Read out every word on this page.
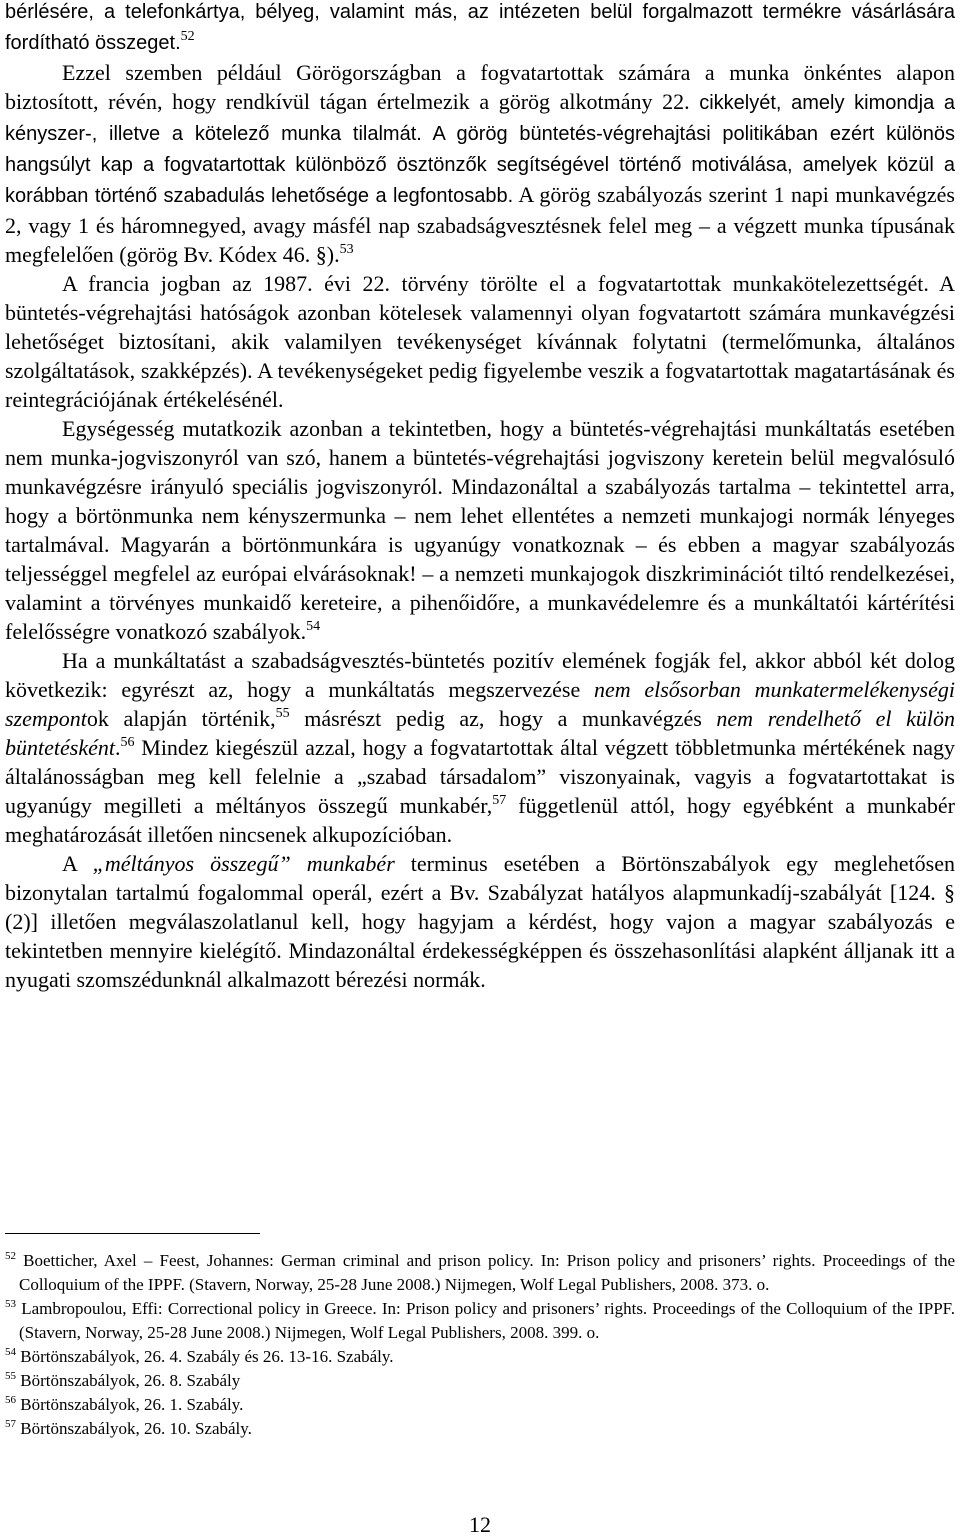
bérlésére, a telefonkártya, bélyeg, valamint más, az intézeten belül forgalmazott termékre vásárlására fordítható összeget.$^{52}$

Ezzel szemben például Görögországban a fogvatartottak számára a munka önkéntes alapon biztosított, révén, hogy rendkívül tágan értelmezik a görög alkotmány 22. cikkelyét, amely kimondja a kényszer-, illetve a kötelező munka tilalmát. A görög büntetés-végrehajtási politikában ezért különös hangsúlyt kap a fogvatartottak különböző ösztönzők segítségével történő motiválása, amelyek közül a korábban történő szabadulás lehetősége a legfontosabb. A görög szabályozás szerint 1 napi munkavégzés 2, vagy 1 és háromnegyed, avagy másfél nap szabadságvesztésnek felel meg – a végzett munka típusának megfelelően (görög Bv. Kódex 46. §).$^{53}$

A francia jogban az 1987. évi 22. törvény törölte el a fogvatartottak munkakötelezettségét. A büntetés-végrehajtási hatóságok azonban kötelesek valamennyi olyan fogvatartott számára munkavégzési lehetőséget biztosítani, akik valamilyen tevékenységet kívánnak folytatni (termelőmunka, általános szolgáltatások, szakképzés). A tevékenységeket pedig figyelembe veszik a fogvatartottak magatartásának és reintegrációjának értékelésénél.

Egységesség mutatkozik azonban a tekintetben, hogy a büntetés-végrehajtási munkáltatás esetében nem munka-jogviszonyról van szó, hanem a büntetés-végrehajtási jogviszony keretein belül megvalósuló munkavégzésre irányuló speciális jogviszonyról. Mindazonáltal a szabályozás tartalma – tekintettel arra, hogy a börtönmunka nem kényszermunka – nem lehet ellentétes a nemzeti munkajogi normák lényeges tartalmával. Magyarán a börtönmunkára is ugyanúgy vonatkoznak – és ebben a magyar szabályozás teljességgel megfelel az európai elvárásoknak! – a nemzeti munkajogok diszkriminációt tiltó rendelkezései, valamint a törvényes munkaidő kereteire, a pihenőidőre, a munkavédelemre és a munkáltatói kártérítési felelősségre vonatkozó szabályok.$^{54}$

Ha a munkáltatást a szabadságvesztés-büntetés pozitív elemének fogják fel, akkor abból két dolog következik: egyrészt az, hogy a munkáltatás megszervezése nem elsősorban munkatermelékenységi szempontok alapján történik,$^{55}$ másrészt pedig az, hogy a munkavégzés nem rendelhető el külön büntetésként.$^{56}$ Mindez kiegészül azzal, hogy a fogvatartottak által végzett többletmunka mértékének nagy általánosságban meg kell felelnie a „szabad társadalom” viszonyainak, vagyis a fogvatartottakat is ugyanúgy megilleti a méltányos összegű munkabér,$^{57}$ függetlenül attól, hogy egyébként a munkabér meghatározását illetően nincsenek alkupozícióban.

A „méltányos összegű” munkabér terminus esetében a Börtönszabályok egy meglehetősen bizonytalan tartalmú fogalommal operál, ezért a Bv. Szabályzat hatályos alapmunkadíj-szabályát [124. § (2)] illetően megválaszolatlanul kell, hogy hagyjam a kérdést, hogy vajon a magyar szabályozás e tekintetben mennyire kielégítő. Mindazonáltal érdekességképpen és összehasonlítási alapként álljanak itt a nyugati szomszédunknál alkalmazott bérezési normák.

$^{52}$ Boetticher, Axel – Feest, Johannes: German criminal and prison policy. In: Prison policy and prisoners’ rights. Proceedings of the Colloquium of the IPPF. (Stavern, Norway, 25-28 June 2008.) Nijmegen, Wolf Legal Publishers, 2008. 373. o.
$^{53}$ Lambropoulou, Effi: Correctional policy in Greece. In: Prison policy and prisoners’ rights. Proceedings of the Colloquium of the IPPF. (Stavern, Norway, 25-28 June 2008.) Nijmegen, Wolf Legal Publishers, 2008. 399. o.
$^{54}$ Börtönszabályok, 26. 4. Szabály és 26. 13-16. Szabály.
$^{55}$ Börtönszabályok, 26. 8. Szabály
$^{56}$ Börtönszabályok, 26. 1. Szabály.
$^{57}$ Börtönszabályok, 26. 10. Szabály.
12
